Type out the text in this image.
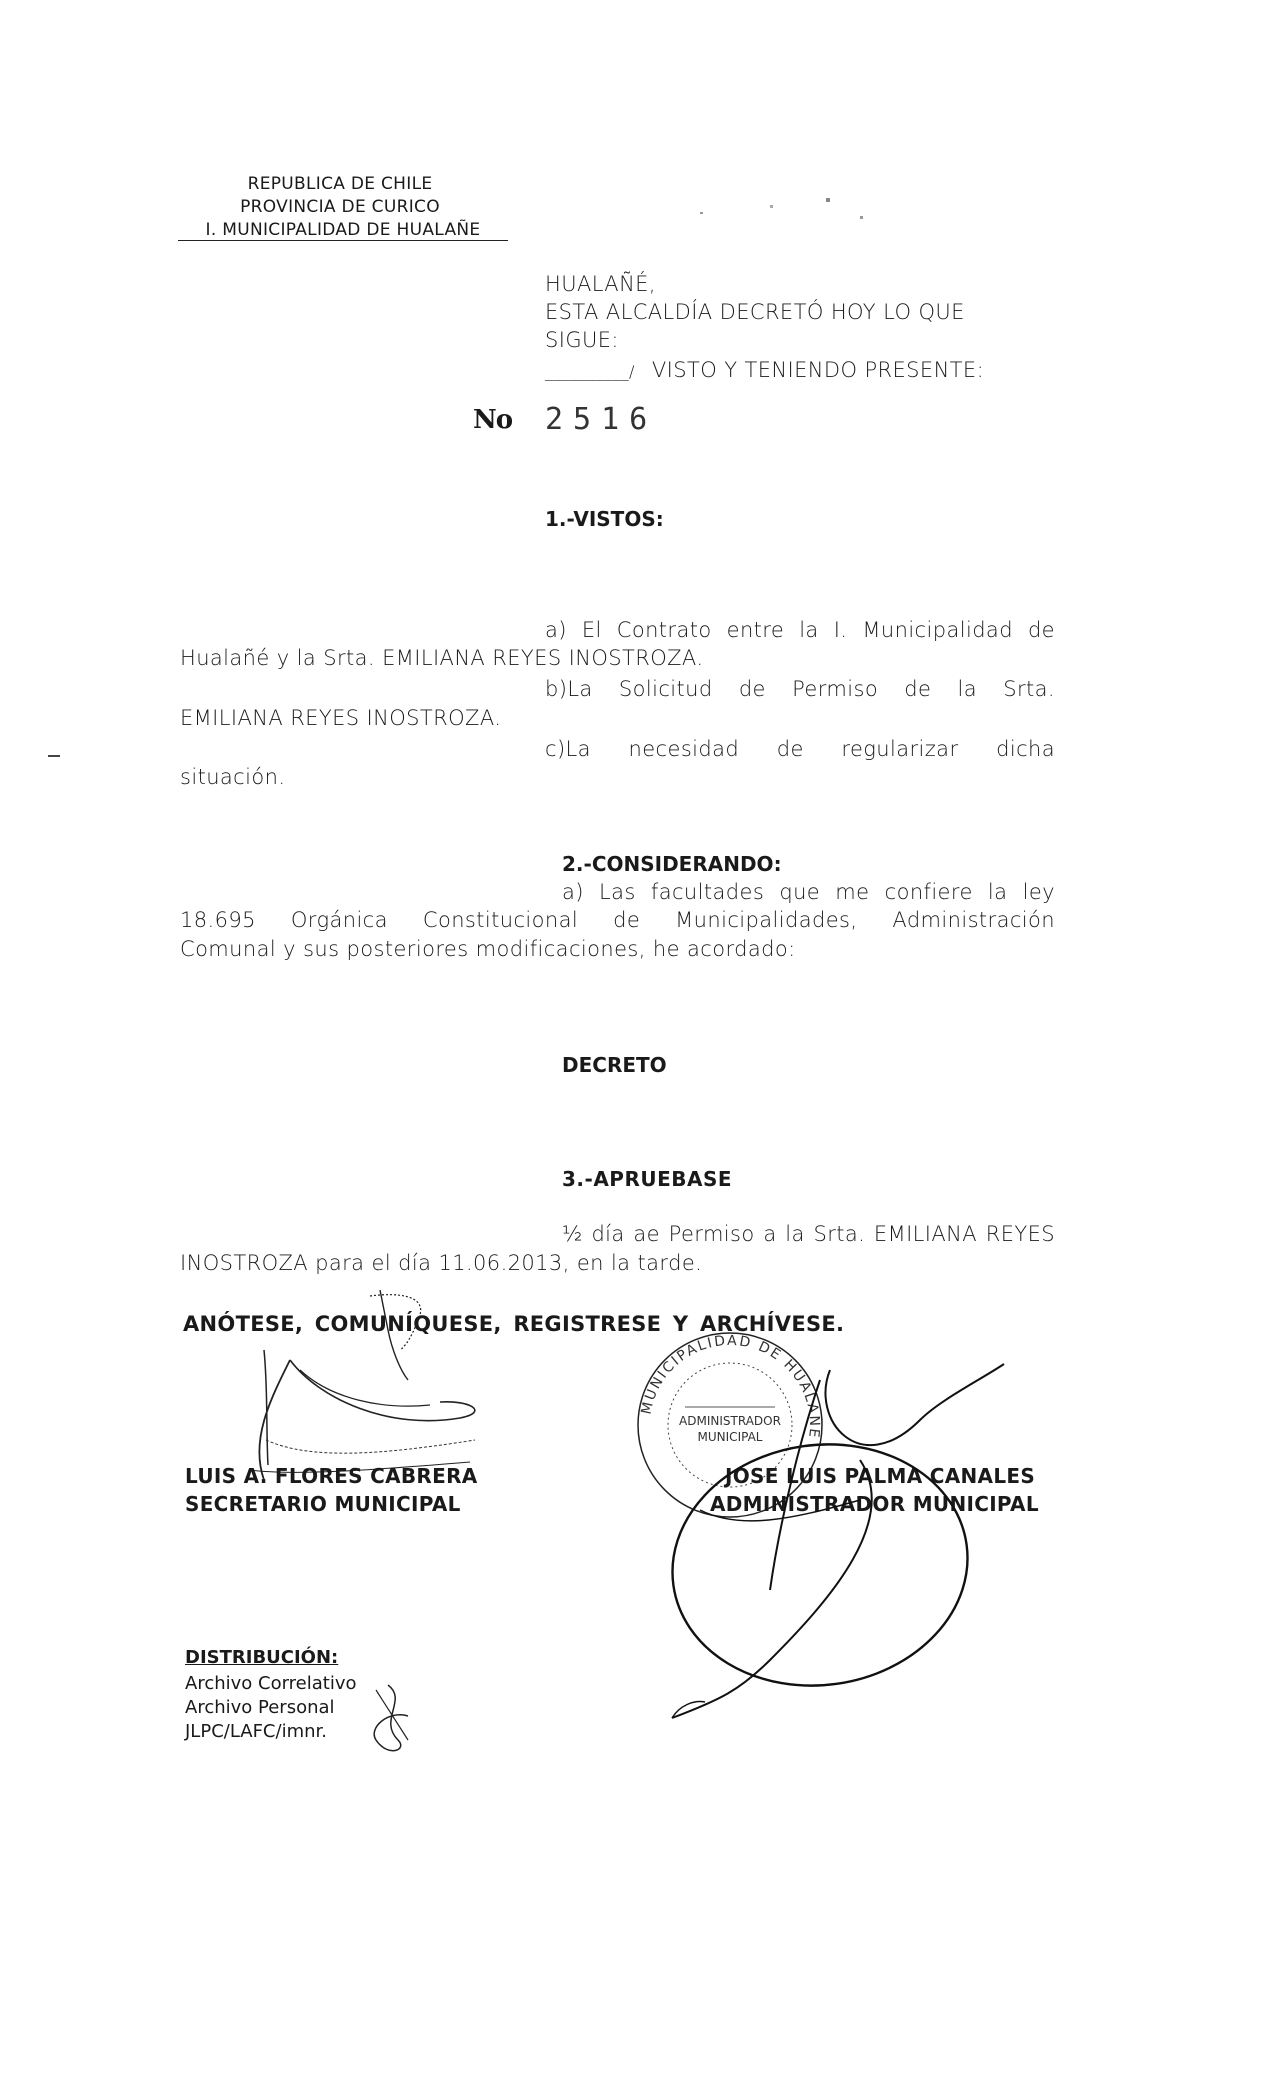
REPUBLICA DE CHILE
PROVINCIA DE CURICO
I. MUNICIPALIDAD DE HUALAÑE
HUALAÑÉ,
ESTA ALCALDÍA DECRETÓ HOY LO QUE
SIGUE:
__________/ VISTO Y TENIENDO PRESENTE:
No 2516
1.-VISTOS:
a) El Contrato entre la I. Municipalidad de
Hualañé y la Srta. EMILIANA REYES INOSTROZA.
b)La Solicitud de Permiso de la Srta.
EMILIANA REYES INOSTROZA.
c)La necesidad de regularizar dicha
situación.
2.-CONSIDERANDO:
a) Las facultades que me confiere la ley
18.695 Orgánica Constitucional de Municipalidades, Administración
Comunal y sus posteriores modificaciones, he acordado:
DECRETO
3.-APRUEBASE
½ día ae Permiso a la Srta. EMILIANA REYES
INOSTROZA para el día 11.06.2013, en la tarde.
ANÓTESE, COMUNÍQUESE, REGISTRESE Y ARCHÍVESE.
LUIS A. FLORES CABRERA
SECRETARIO MUNICIPAL
MUNICIPALIDAD DE HUALAÑE
ADMINISTRADOR
MUNICIPAL
JOSE LUIS PALMA CANALES
ADMINISTRADOR MUNICIPAL
DISTRIBUCIÓN:
Archivo Correlativo
Archivo Personal
JLPC/LAFC/imnr.
